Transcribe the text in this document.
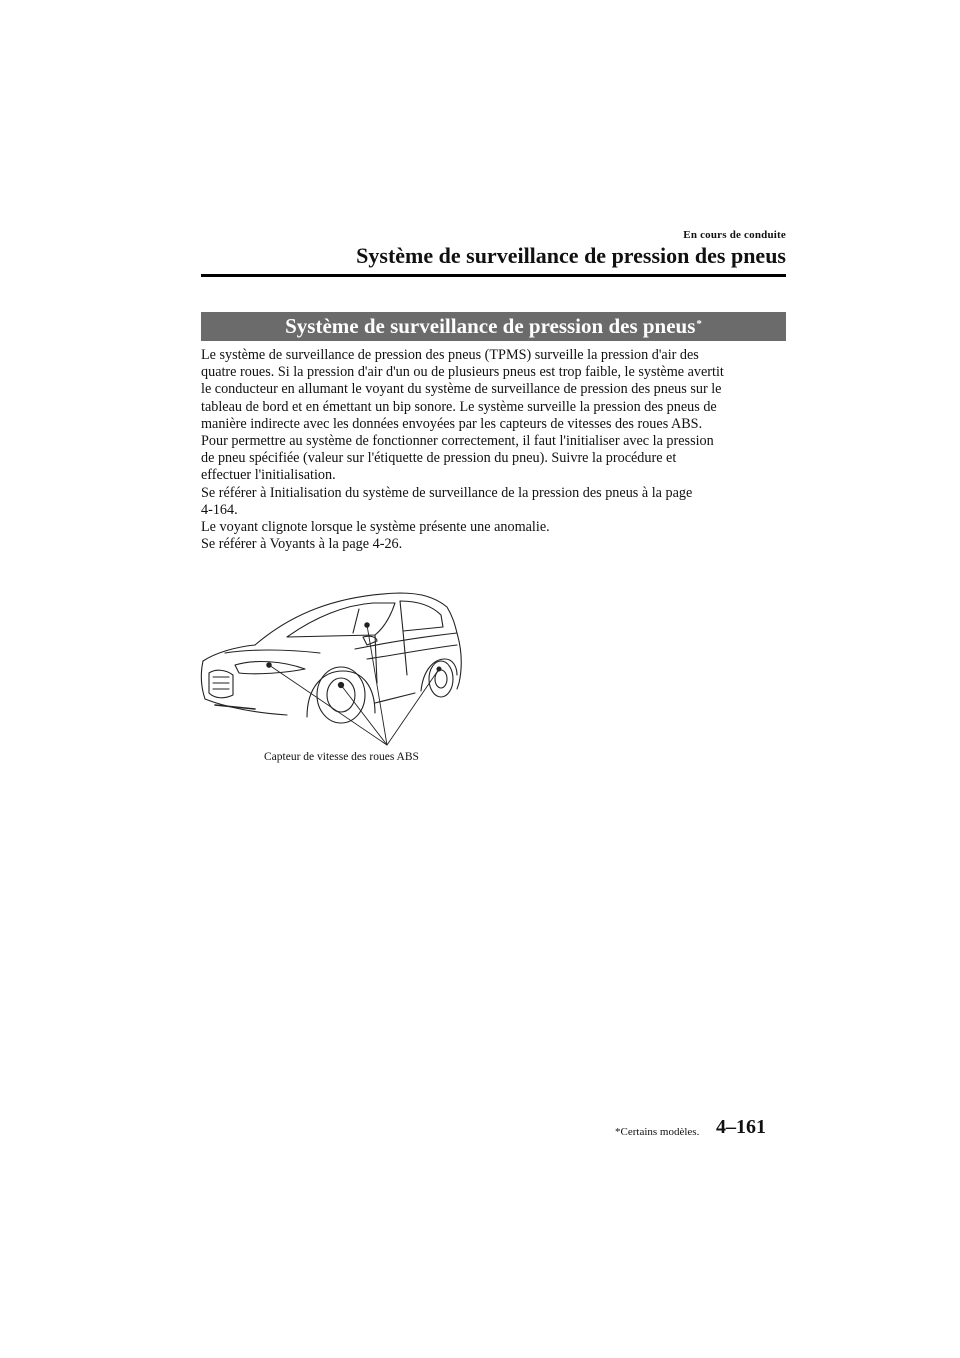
En cours de conduite
Système de surveillance de pression des pneus
Système de surveillance de pression des pneus*
Le système de surveillance de pression des pneus (TPMS) surveille la pression d'air des
quatre roues. Si la pression d'air d'un ou de plusieurs pneus est trop faible, le système avertit
le conducteur en allumant le voyant du système de surveillance de pression des pneus sur le
tableau de bord et en émettant un bip sonore. Le système surveille la pression des pneus de
manière indirecte avec les données envoyées par les capteurs de vitesses des roues ABS.
Pour permettre au système de fonctionner correctement, il faut l'initialiser avec la pression
de pneu spécifiée (valeur sur l'étiquette de pression du pneu). Suivre la procédure et
effectuer l'initialisation.
Se référer à Initialisation du système de surveillance de la pression des pneus à la page
4-164.
Le voyant clignote lorsque le système présente une anomalie.
Se référer à Voyants à la page 4-26.
Capteur de vitesse des roues ABS
*Certains modèles. 4–161
